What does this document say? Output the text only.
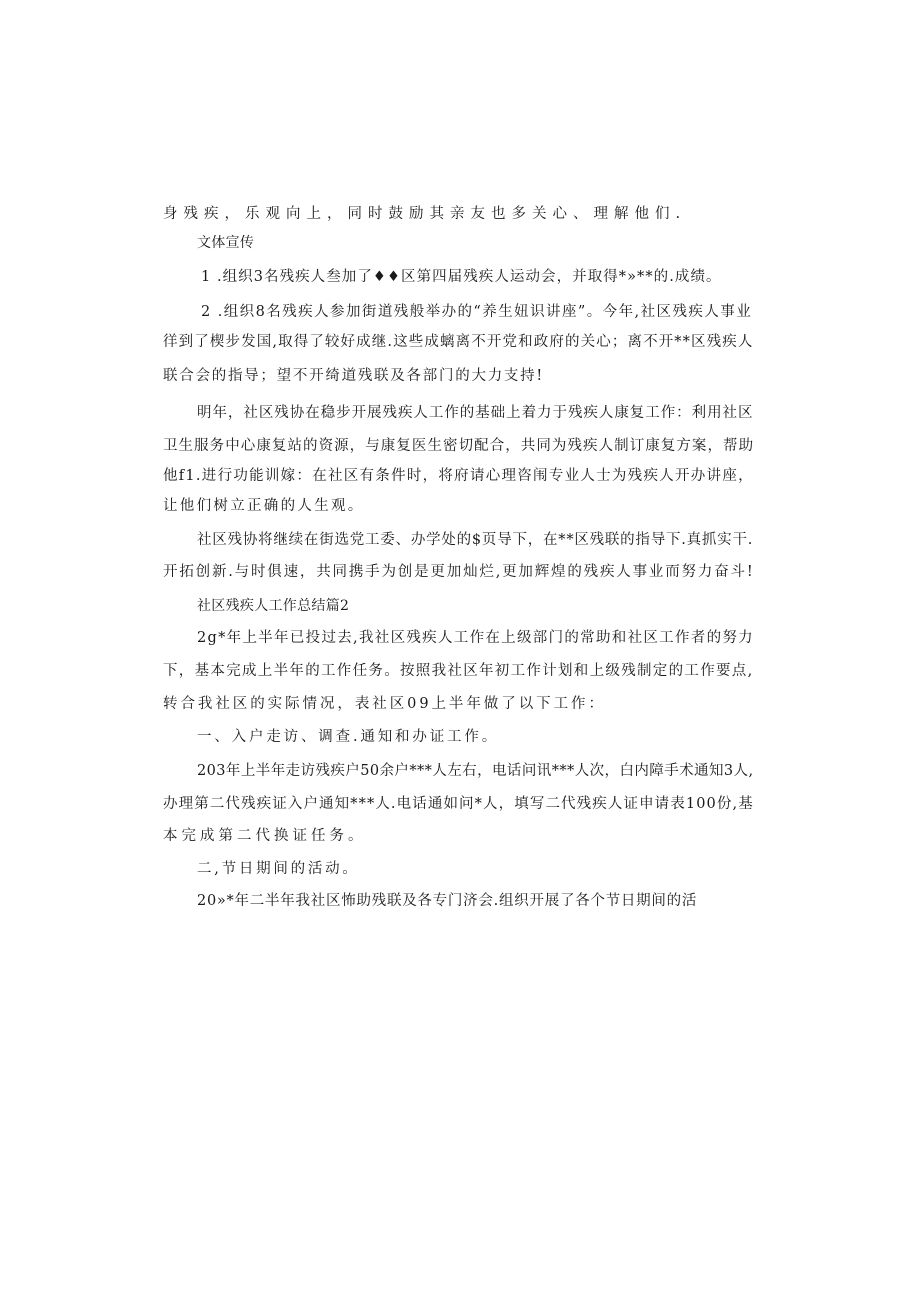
身残疾，乐观向上，同时鼓励其亲友也多关心、理解他们.
文体宣传
1 .组织3名残疾人叁加了♦♦区第四届残疾人运动会，并取得*»**的.成绩。
2 .组织8名残疾人参加街道残般举办的“养生妞识讲座”。今年,社区残疾人事业
徉到了楔步发国,取得了较好成继.这些成螭离不开党和政府的关心；离不开**区残疾人
联合会的指导；望不开绮道残联及各部门的大力支持!
明年，社区残协在稳步开展残疾人工作的基础上着力于残疾人康复工作：利用社区
卫生服务中心康复站的资源，与康复医生密切配合，共同为残疾人制订康复方案，帮助
他f1.进行功能训嫁：在社区有条件时，将府请心理咨闱专业人士为残疾人开办讲座，
让他们树立正确的人生观。
社区残协将继续在街选党工委、办学处的$页导下，在**区残联的指导下.真抓实干.
开拓创新.与时俱速，共同携手为创是更加灿烂,更加辉煌的残疾人事业而努力奋斗!
社区残疾人工作总结篇2
2g*年上半年已投过去,我社区残疾人工作在上级部门的常助和社区工作者的努力
下，基本完成上半年的工作任务。按照我社区年初工作计划和上级残制定的工作要点,
转合我社区的实际情况，表社区09上半年做了以下工作：
一、入户走访、调查.通知和办证工作。
203年上半年走访残疾户50余户***人左右，电话问讯***人次，白内障手术通知3人,
办理第二代残疾证入户通知***人.电话通如问*人，填写二代残疾人证申请表100份,基
本完成第二代换证任务。
二,节日期间的活动。
20»*年二半年我社区怖助残联及各专门济会.组织开展了各个节日期间的活
